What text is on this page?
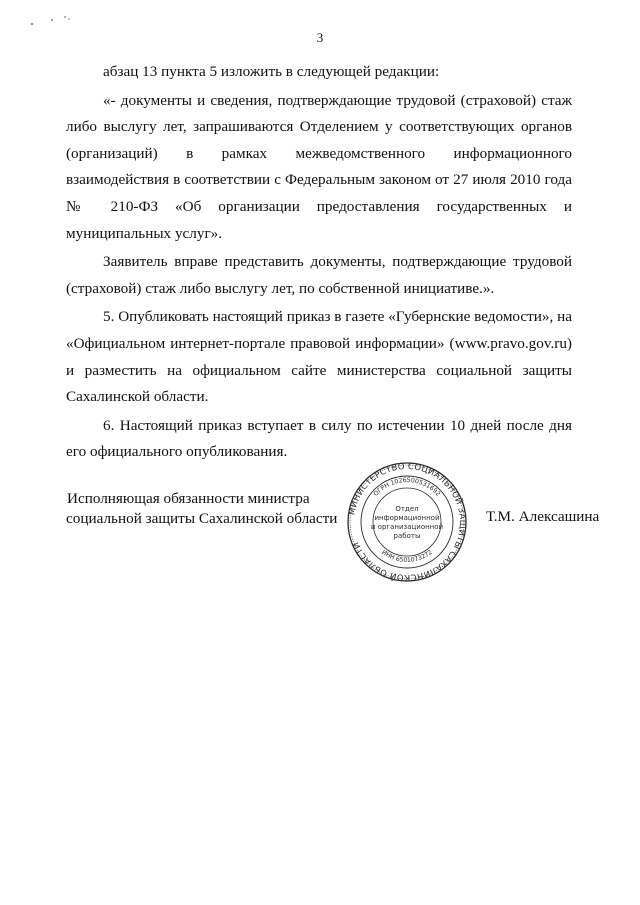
3

абзац 13 пункта 5 изложить в следующей редакции:

«- документы и сведения, подтверждающие трудовой (страховой) стаж либо выслугу лет, запрашиваются Отделением у соответствующих органов (организаций) в рамках межведомственного информационного взаимодействия в соответствии с Федеральным законом от 27 июля 2010 года № 210-ФЗ «Об организации предоставления государственных и муниципальных услуг».

Заявитель вправе представить документы, подтверждающие трудовой (страховой) стаж либо выслугу лет, по собственной инициативе.».

5. Опубликовать настоящий приказ в газете «Губернские ведомости», на «Официальном интернет-портале правовой информации» (www.pravo.gov.ru) и разместить на официальном сайте министерства социальной защиты Сахалинской области.

6. Настоящий приказ вступает в силу по истечении 10 дней после дня его официального опубликования.

Исполняющая обязанности министра
социальной защиты Сахалинской области МИНИСТЕРСТВО СОЦИАЛЬНОЙ ЗАЩИТЫ САХАЛИНСКОЙ ОБЛАСТИ
ОГРН 1026500531692
ИНН 6501073272
Отдел
информационной
и организационной
работы
Т.М. Алексашина
